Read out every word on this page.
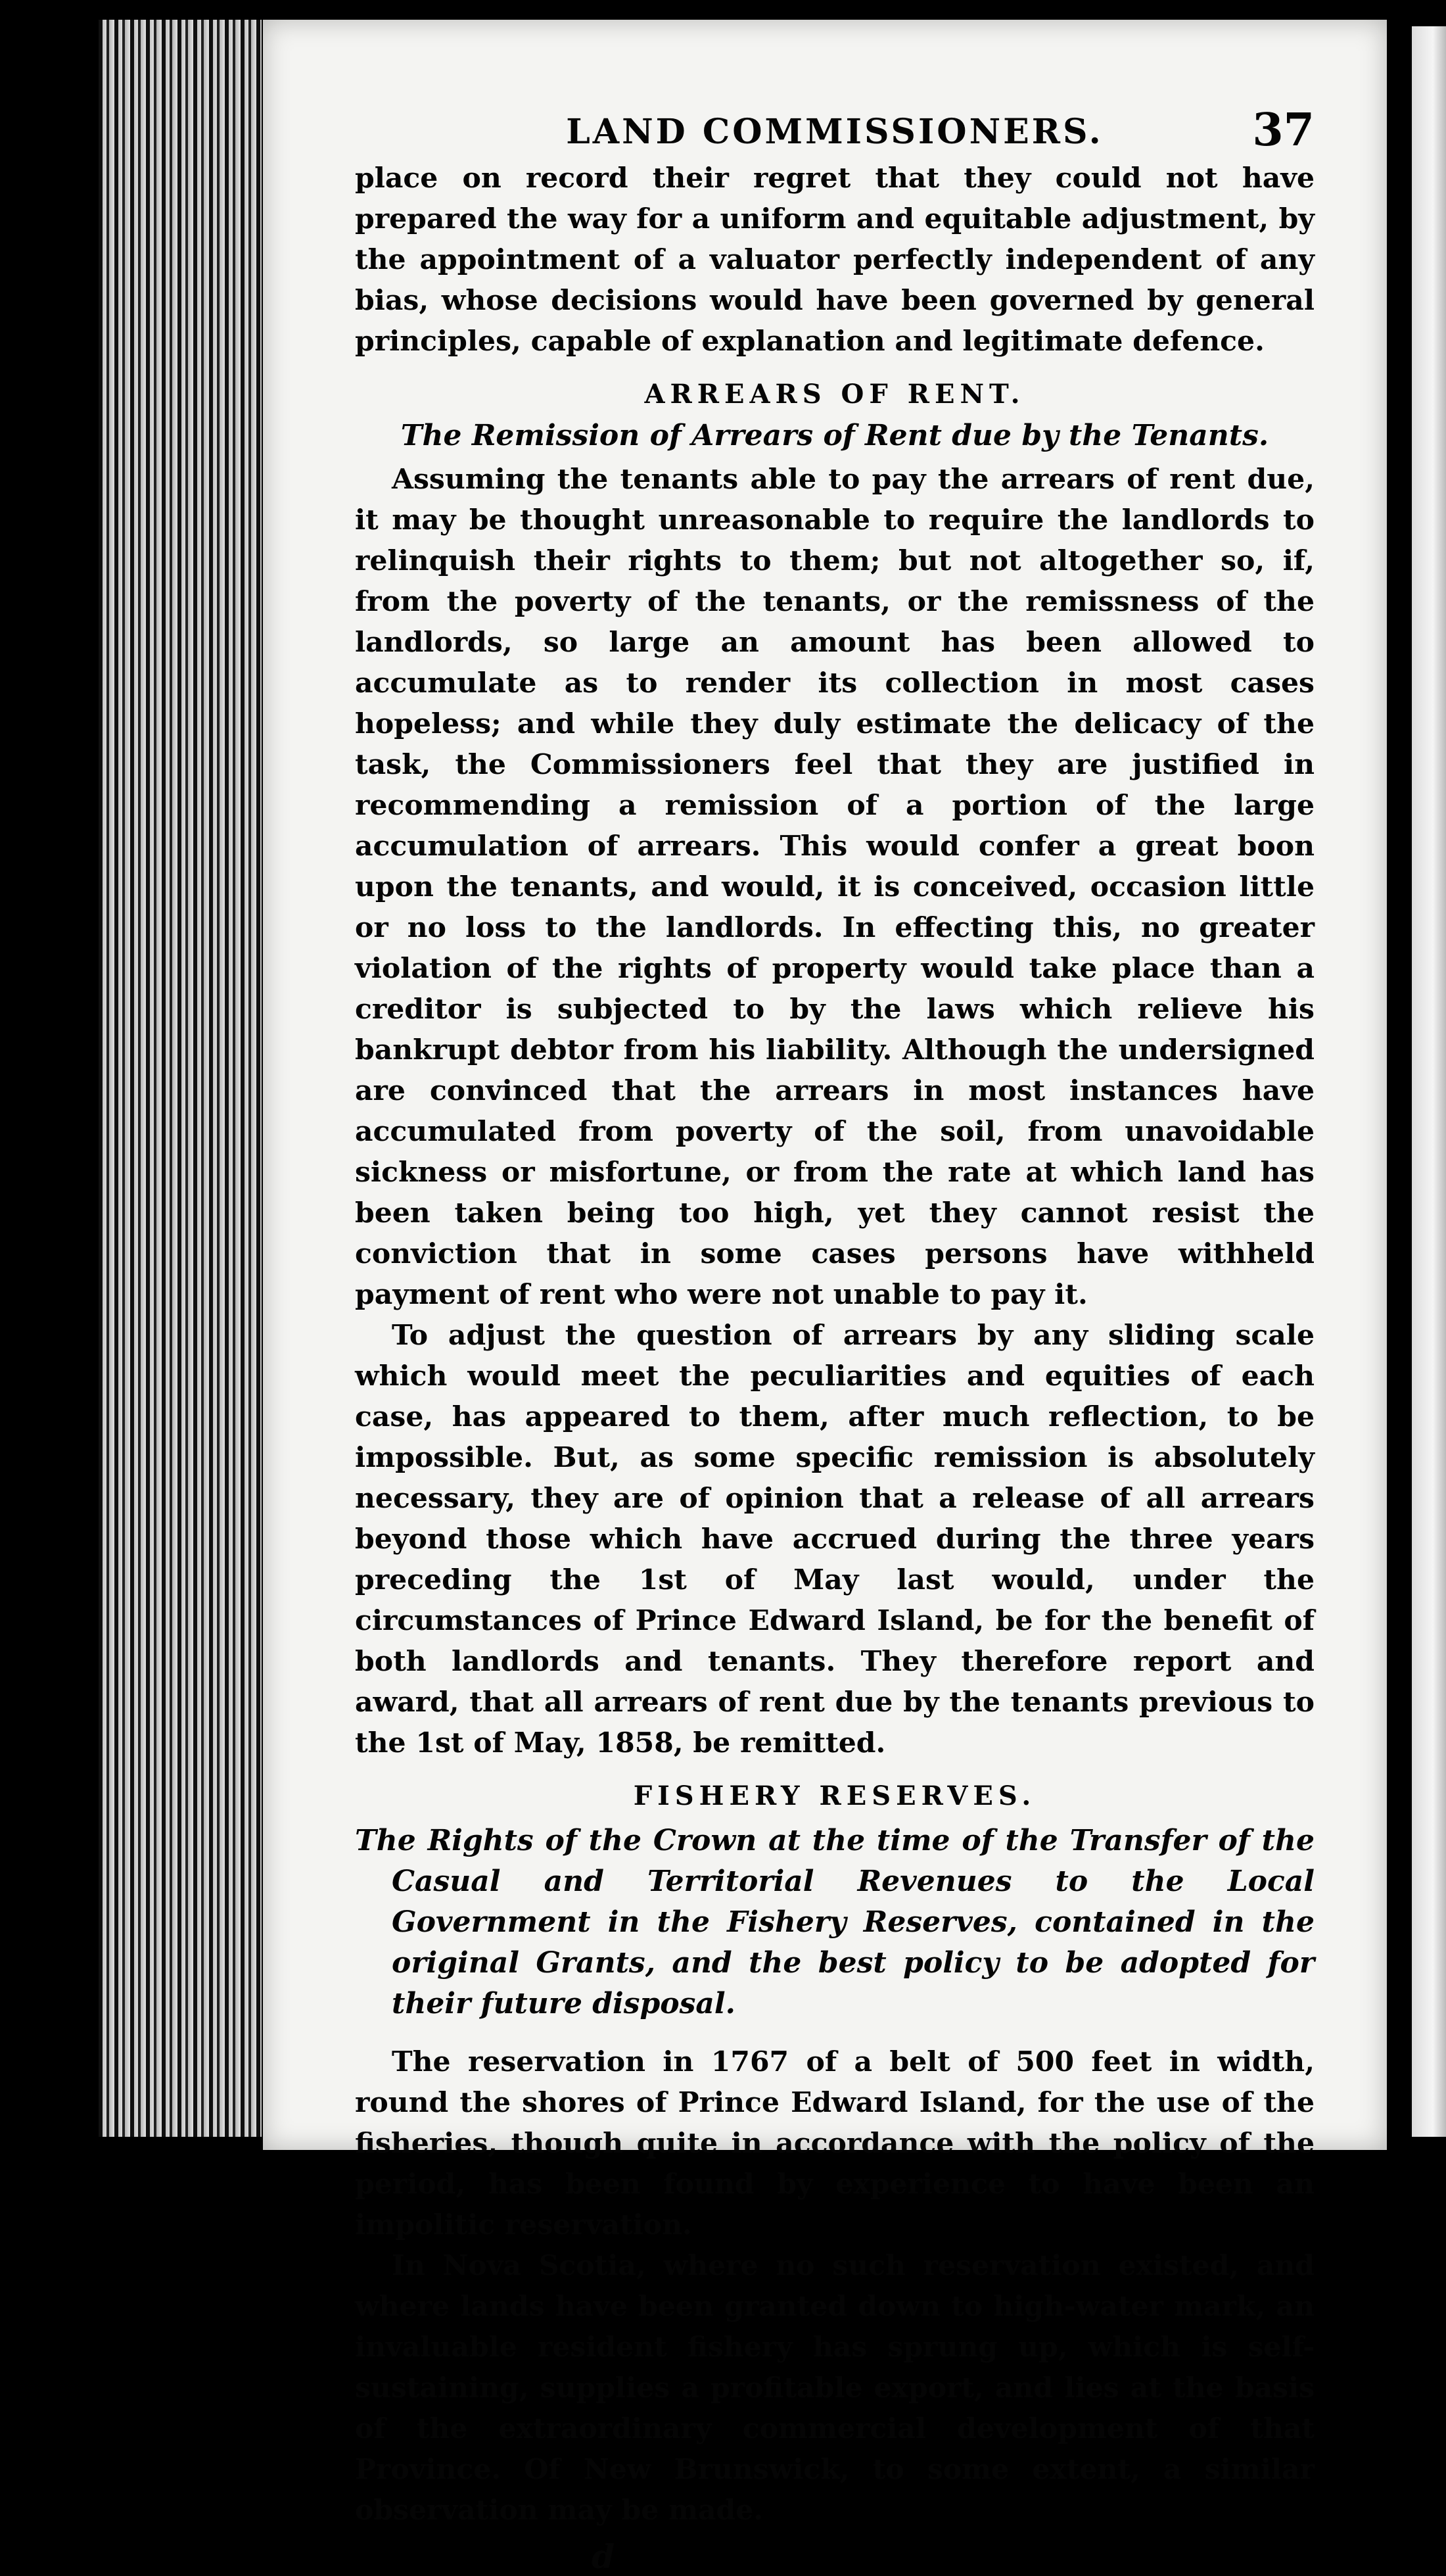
LAND COMMISSIONERS.	37

place on record their regret that they could not have prepared the way for a uniform and equitable adjustment, by the appointment of a valuator perfectly independent of any bias, whose decisions would have been governed by general principles, capable of explanation and legitimate defence.

ARREARS OF RENT.
The Remission of Arrears of Rent due by the Tenants.

Assuming the tenants able to pay the arrears of rent due, it may be thought unreasonable to require the landlords to relinquish their rights to them; but not altogether so, if, from the poverty of the tenants, or the remissness of the landlords, so large an amount has been allowed to accumulate as to render its collection in most cases hopeless; and while they duly estimate the delicacy of the task, the Commissioners feel that they are justified in recommending a remission of a portion of the large accumulation of arrears. This would confer a great boon upon the tenants, and would, it is conceived, occasion little or no loss to the landlords. In effecting this, no greater violation of the rights of property would take place than a creditor is subjected to by the laws which relieve his bankrupt debtor from his liability. Although the undersigned are convinced that the arrears in most instances have accumulated from poverty of the soil, from unavoidable sickness or misfortune, or from the rate at which land has been taken being too high, yet they cannot resist the conviction that in some cases persons have withheld payment of rent who were not unable to pay it.

To adjust the question of arrears by any sliding scale which would meet the peculiarities and equities of each case, has appeared to them, after much reflection, to be impossible. But, as some specific remission is absolutely necessary, they are of opinion that a release of all arrears beyond those which have accrued during the three years preceding the 1st of May last would, under the circumstances of Prince Edward Island, be for the benefit of both landlords and tenants. They therefore report and award, that all arrears of rent due by the tenants previous to the 1st of May, 1858, be remitted.

FISHERY RESERVES.
The Rights of the Crown at the time of the Transfer of the Casual and Territorial Revenues to the Local Government in the Fishery Reserves, contained in the original Grants, and the best policy to be adopted for their future disposal.

The reservation in 1767 of a belt of 500 feet in width, round the shores of Prince Edward Island, for the use of the fisheries, though quite in accordance with the policy of the period, has been found by experience to have been an impolitic reservation.

In Nova Scotia, where no such reservation existed, and where lands have been granted down to high-water mark, an invaluable resident fishery has sprung up, which is self-sustaining, supplies a profitable export, and lies at the basis of the extraordinary commercial development of that Province. Of New Brunswick, to some extent, a similar observation may be made.

d
